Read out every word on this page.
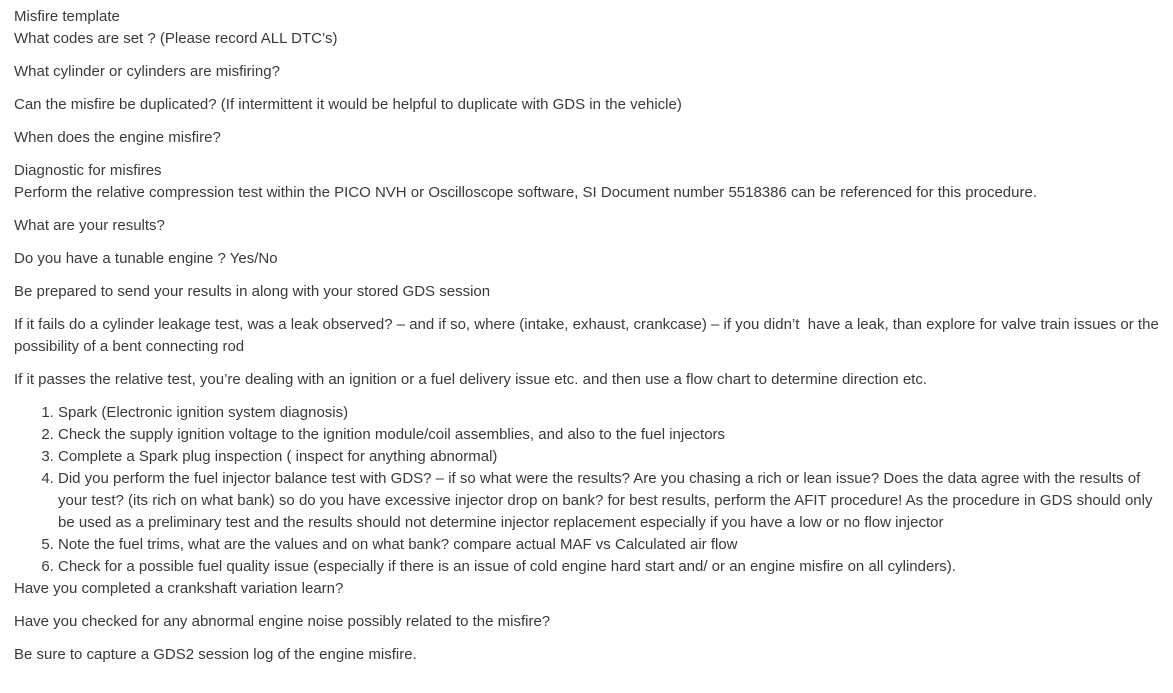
Misfire template

What codes are set ? (Please record ALL DTC’s)

What cylinder or cylinders are misfiring?

Can the misfire be duplicated? (If intermittent it would be helpful to duplicate with GDS in the vehicle)

When does the engine misfire?

Diagnostic for misfires

Perform the relative compression test within the PICO NVH or Oscilloscope software, SI Document number 5518386 can be referenced for this procedure.

What are your results?

Do you have a tunable engine ? Yes/No

Be prepared to send your results in along with your stored GDS session

If it fails do a cylinder leakage test, was a leak observed? – and if so, where (intake, exhaust, crankcase) – if you didn’t  have a leak, than explore for valve train issues or the possibility of a bent connecting rod

If it passes the relative test, you’re dealing with an ignition or a fuel delivery issue etc. and then use a flow chart to determine direction etc.

1. Spark (Electronic ignition system diagnosis)
2. Check the supply ignition voltage to the ignition module/coil assemblies, and also to the fuel injectors
3. Complete a Spark plug inspection ( inspect for anything abnormal)
4. Did you perform the fuel injector balance test with GDS? – if so what were the results? Are you chasing a rich or lean issue? Does the data agree with the results of your test? (its rich on what bank) so do you have excessive injector drop on bank? for best results, perform the AFIT procedure! As the procedure in GDS should only be used as a preliminary test and the results should not determine injector replacement especially if you have a low or no flow injector
5. Note the fuel trims, what are the values and on what bank? compare actual MAF vs Calculated air flow
6. Check for a possible fuel quality issue (especially if there is an issue of cold engine hard start and/ or an engine misfire on all cylinders).

Have you completed a crankshaft variation learn?

Have you checked for any abnormal engine noise possibly related to the misfire?

Be sure to capture a GDS2 session log of the engine misfire.
